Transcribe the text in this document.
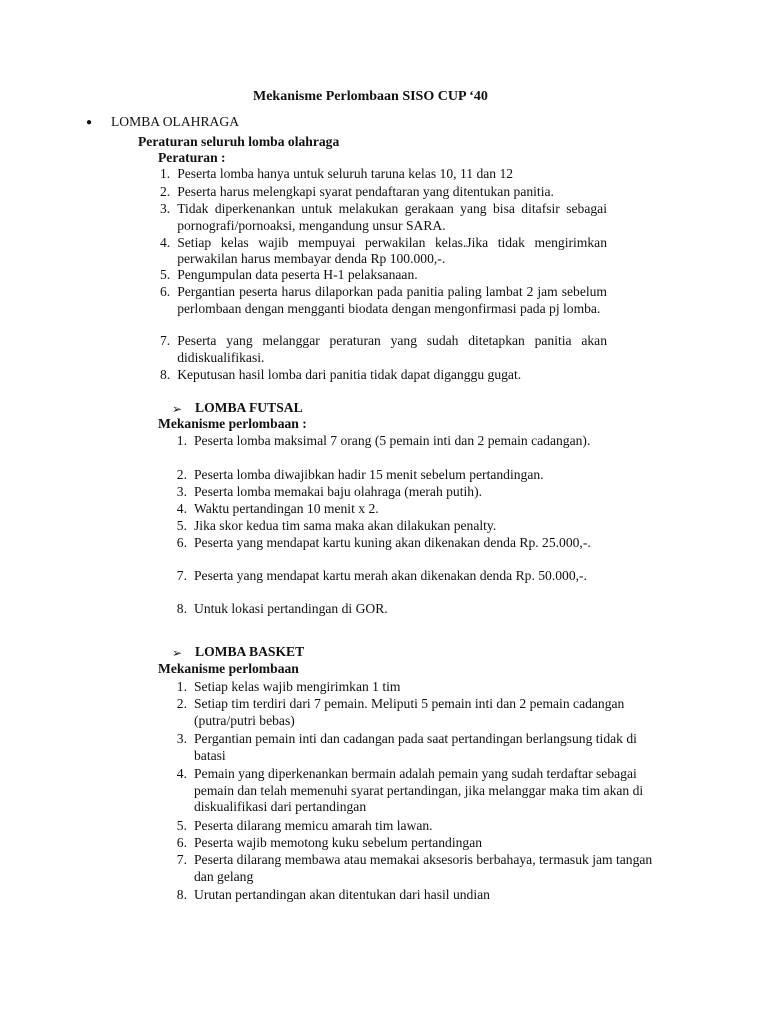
Mekanisme Perlombaan SISO CUP ‘40
● LOMBA OLAHRAGA
Peraturan seluruh lomba olahraga
Peraturan :
1. Peserta lomba hanya untuk seluruh taruna kelas 10, 11 dan 12
2. Peserta harus melengkapi syarat pendaftaran yang ditentukan panitia.
3. Tidak diperkenankan untuk melakukan gerakaan yang bisa ditafsir sebagai pornografi/pornoaksi, mengandung unsur SARA.
4. Setiap kelas wajib mempuyai perwakilan kelas.Jika tidak mengirimkan perwakilan harus membayar denda Rp 100.000,-.
5. Pengumpulan data peserta H-1 pelaksanaan.
6. Pergantian peserta harus dilaporkan pada panitia paling lambat 2 jam sebelum perlombaan dengan mengganti biodata dengan mengonfirmasi pada pj lomba.
7. Peserta yang melanggar peraturan yang sudah ditetapkan panitia akan didiskualifikasi.
8. Keputusan hasil lomba dari panitia tidak dapat diganggu gugat.
➢ LOMBA FUTSAL
Mekanisme perlombaan :
1. Peserta lomba maksimal 7 orang (5 pemain inti dan 2 pemain cadangan).
2. Peserta lomba diwajibkan hadir 15 menit sebelum pertandingan.
3. Peserta lomba memakai baju olahraga (merah putih).
4. Waktu pertandingan 10 menit x 2.
5. Jika skor kedua tim sama maka akan dilakukan penalty.
6. Peserta yang mendapat kartu kuning akan dikenakan denda Rp. 25.000,-.
7. Peserta yang mendapat kartu merah akan dikenakan denda Rp. 50.000,-.
8. Untuk lokasi pertandingan di GOR.
➢ LOMBA BASKET
Mekanisme perlombaan
1. Setiap kelas wajib mengirimkan 1 tim
2. Setiap tim terdiri dari 7 pemain. Meliputi 5 pemain inti dan 2 pemain cadangan (putra/putri bebas)
3. Pergantian pemain inti dan cadangan pada saat pertandingan berlangsung tidak di batasi
4. Pemain yang diperkenankan bermain adalah pemain yang sudah terdaftar sebagai pemain dan telah memenuhi syarat pertandingan, jika melanggar maka tim akan di diskualifikasi dari pertandingan
5. Peserta dilarang memicu amarah tim lawan.
6. Peserta wajib memotong kuku sebelum pertandingan
7. Peserta dilarang membawa atau memakai aksesoris berbahaya, termasuk jam tangan dan gelang
8. Urutan pertandingan akan ditentukan dari hasil undian
